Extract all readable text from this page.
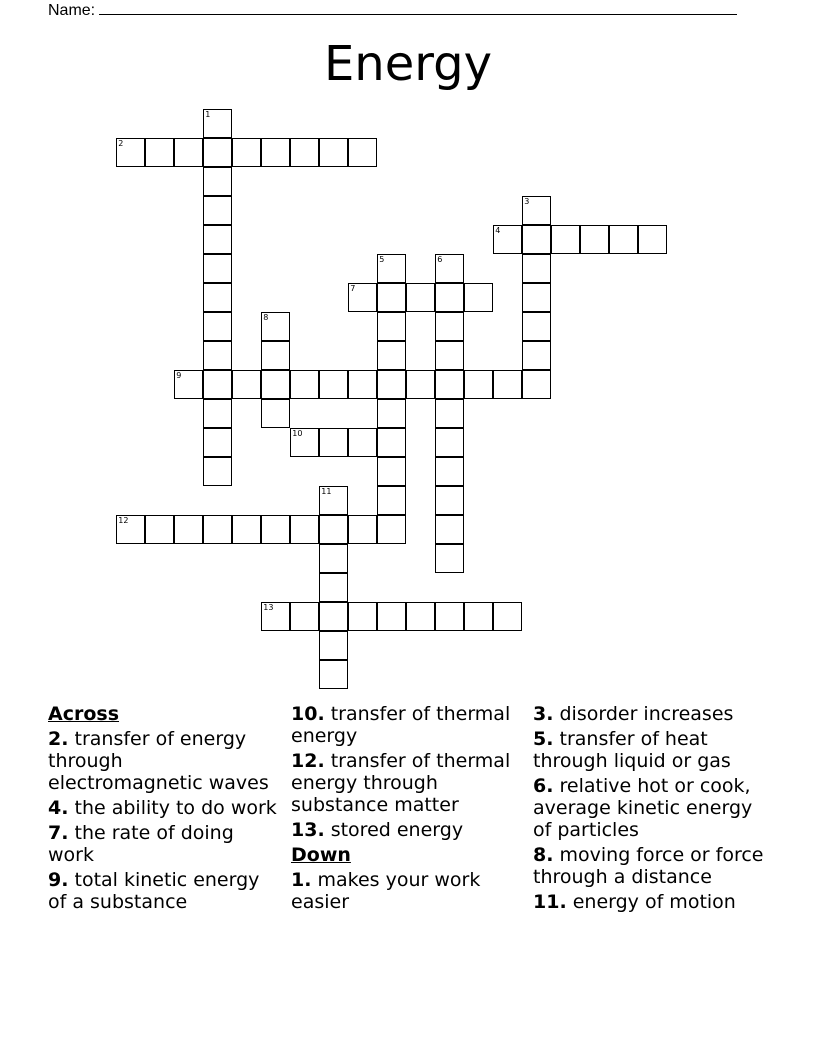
Name:
Energy
1
2
3
4
5	6
7
8
9
10
11
12
13
Across
2. transfer of energy through electromagnetic waves
4. the ability to do work
7. the rate of doing work
9. total kinetic energy of a substance
10. transfer of thermal energy
12. transfer of thermal energy through substance matter
13. stored energy
Down
1. makes your work easier
3. disorder increases
5. transfer of heat through liquid or gas
6. relative hot or cook, average kinetic energy of particles
8. moving force or force through a distance
11. energy of motion
